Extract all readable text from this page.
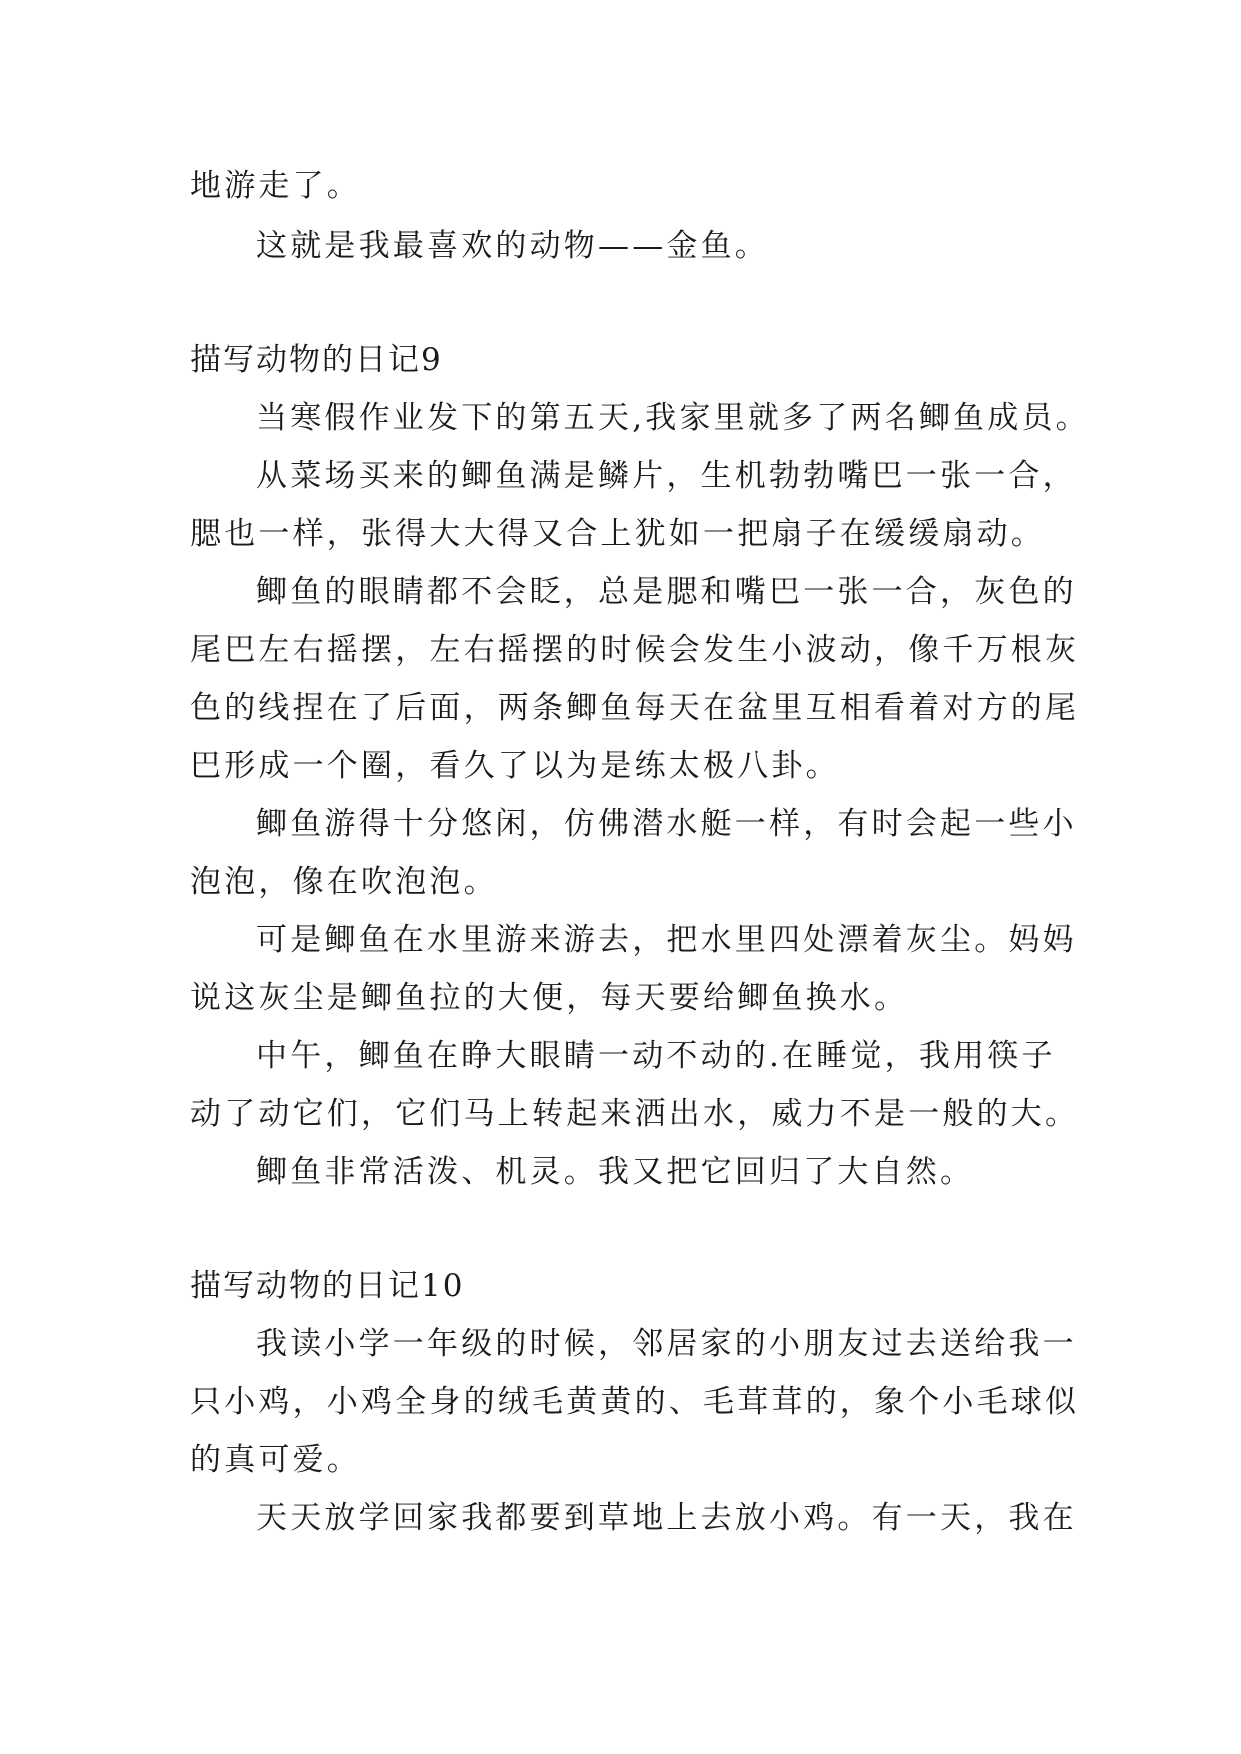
地游走了。
这就是我最喜欢的动物——金鱼。
描写动物的日记9
当寒假作业发下的第五天,我家里就多了两名鲫鱼成员。
从菜场买来的鲫鱼满是鳞片，生机勃勃嘴巴一张一合，
腮也一样，张得大大得又合上犹如一把扇子在缓缓扇动。
鲫鱼的眼睛都不会眨，总是腮和嘴巴一张一合，灰色的
尾巴左右摇摆，左右摇摆的时候会发生小波动，像千万根灰
色的线捏在了后面，两条鲫鱼每天在盆里互相看着对方的尾
巴形成一个圈，看久了以为是练太极八卦。
鲫鱼游得十分悠闲，仿佛潜水艇一样，有时会起一些小
泡泡，像在吹泡泡。
可是鲫鱼在水里游来游去，把水里四处漂着灰尘。妈妈
说这灰尘是鲫鱼拉的大便，每天要给鲫鱼换水。
中午，鲫鱼在睁大眼睛一动不动的.在睡觉，我用筷子
动了动它们，它们马上转起来洒出水，威力不是一般的大。
鲫鱼非常活泼、机灵。我又把它回归了大自然。
描写动物的日记10
我读小学一年级的时候，邻居家的小朋友过去送给我一
只小鸡，小鸡全身的绒毛黄黄的、毛茸茸的，象个小毛球似
的真可爱。
天天放学回家我都要到草地上去放小鸡。有一天，我在
